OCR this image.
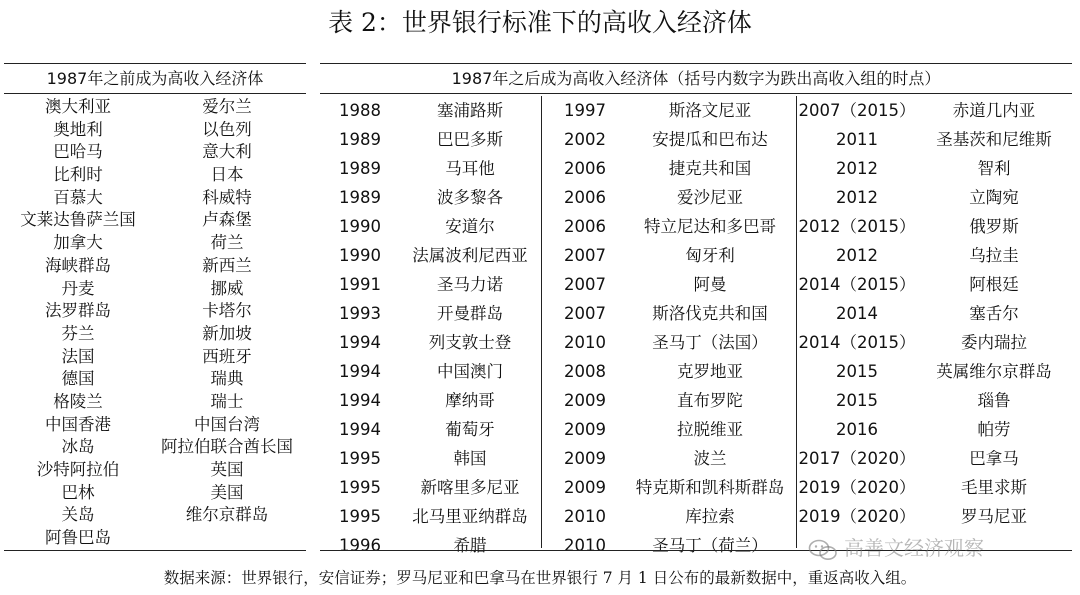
表 2：世界银行标准下的高收入经济体
1987年之前成为高收入经济体	1987年之后成为高收入经济体（括号内数字为跌出高收入组的时点）
澳大利亚
奥地利
巴哈马
比利时
百慕大
文莱达鲁萨兰国
加拿大
海峡群岛
丹麦
法罗群岛
芬兰
法国
德国
格陵兰
中国香港
冰岛
沙特阿拉伯
巴林
关岛
阿鲁巴岛
爱尔兰
以色列
意大利
日本
科威特
卢森堡
荷兰
新西兰
挪威
卡塔尔
新加坡
西班牙
瑞典
瑞士
中国台湾
阿拉伯联合酋长国
英国
美国
维尔京群岛
1988
1989
1989
1989
1990
1990
1991
1993
1994
1994
1994
1994
1995
1995
1995
1996
塞浦路斯
巴巴多斯
马耳他
波多黎各
安道尔
法属波利尼西亚
圣马力诺
开曼群岛
列支敦士登
中国澳门
摩纳哥
葡萄牙
韩国
新喀里多尼亚
北马里亚纳群岛
希腊
1997
2002
2006
2006
2006
2007
2007
2007
2010
2008
2009
2009
2009
2009
2010
2010
斯洛文尼亚
安提瓜和巴布达
捷克共和国
爱沙尼亚
特立尼达和多巴哥
匈牙利
阿曼
斯洛伐克共和国
圣马丁（法国）
克罗地亚
直布罗陀
拉脱维亚
波兰
特克斯和凯科斯群岛
库拉索
圣马丁（荷兰）
2007（2015）
2011
2012
2012
2012（2015）
2012
2014（2015）
2014
2014（2015）
2015
2015
2016
2017（2020）
2019（2020）
2019（2020）
赤道几内亚
圣基茨和尼维斯
智利
立陶宛
俄罗斯
乌拉圭
阿根廷
塞舌尔
委内瑞拉
英属维尔京群岛
瑙鲁
帕劳
巴拿马
毛里求斯
罗马尼亚
高善文经济观察
数据来源：世界银行，安信证券；罗马尼亚和巴拿马在世界银行 7 月 1 日公布的最新数据中，重返高收入组。
